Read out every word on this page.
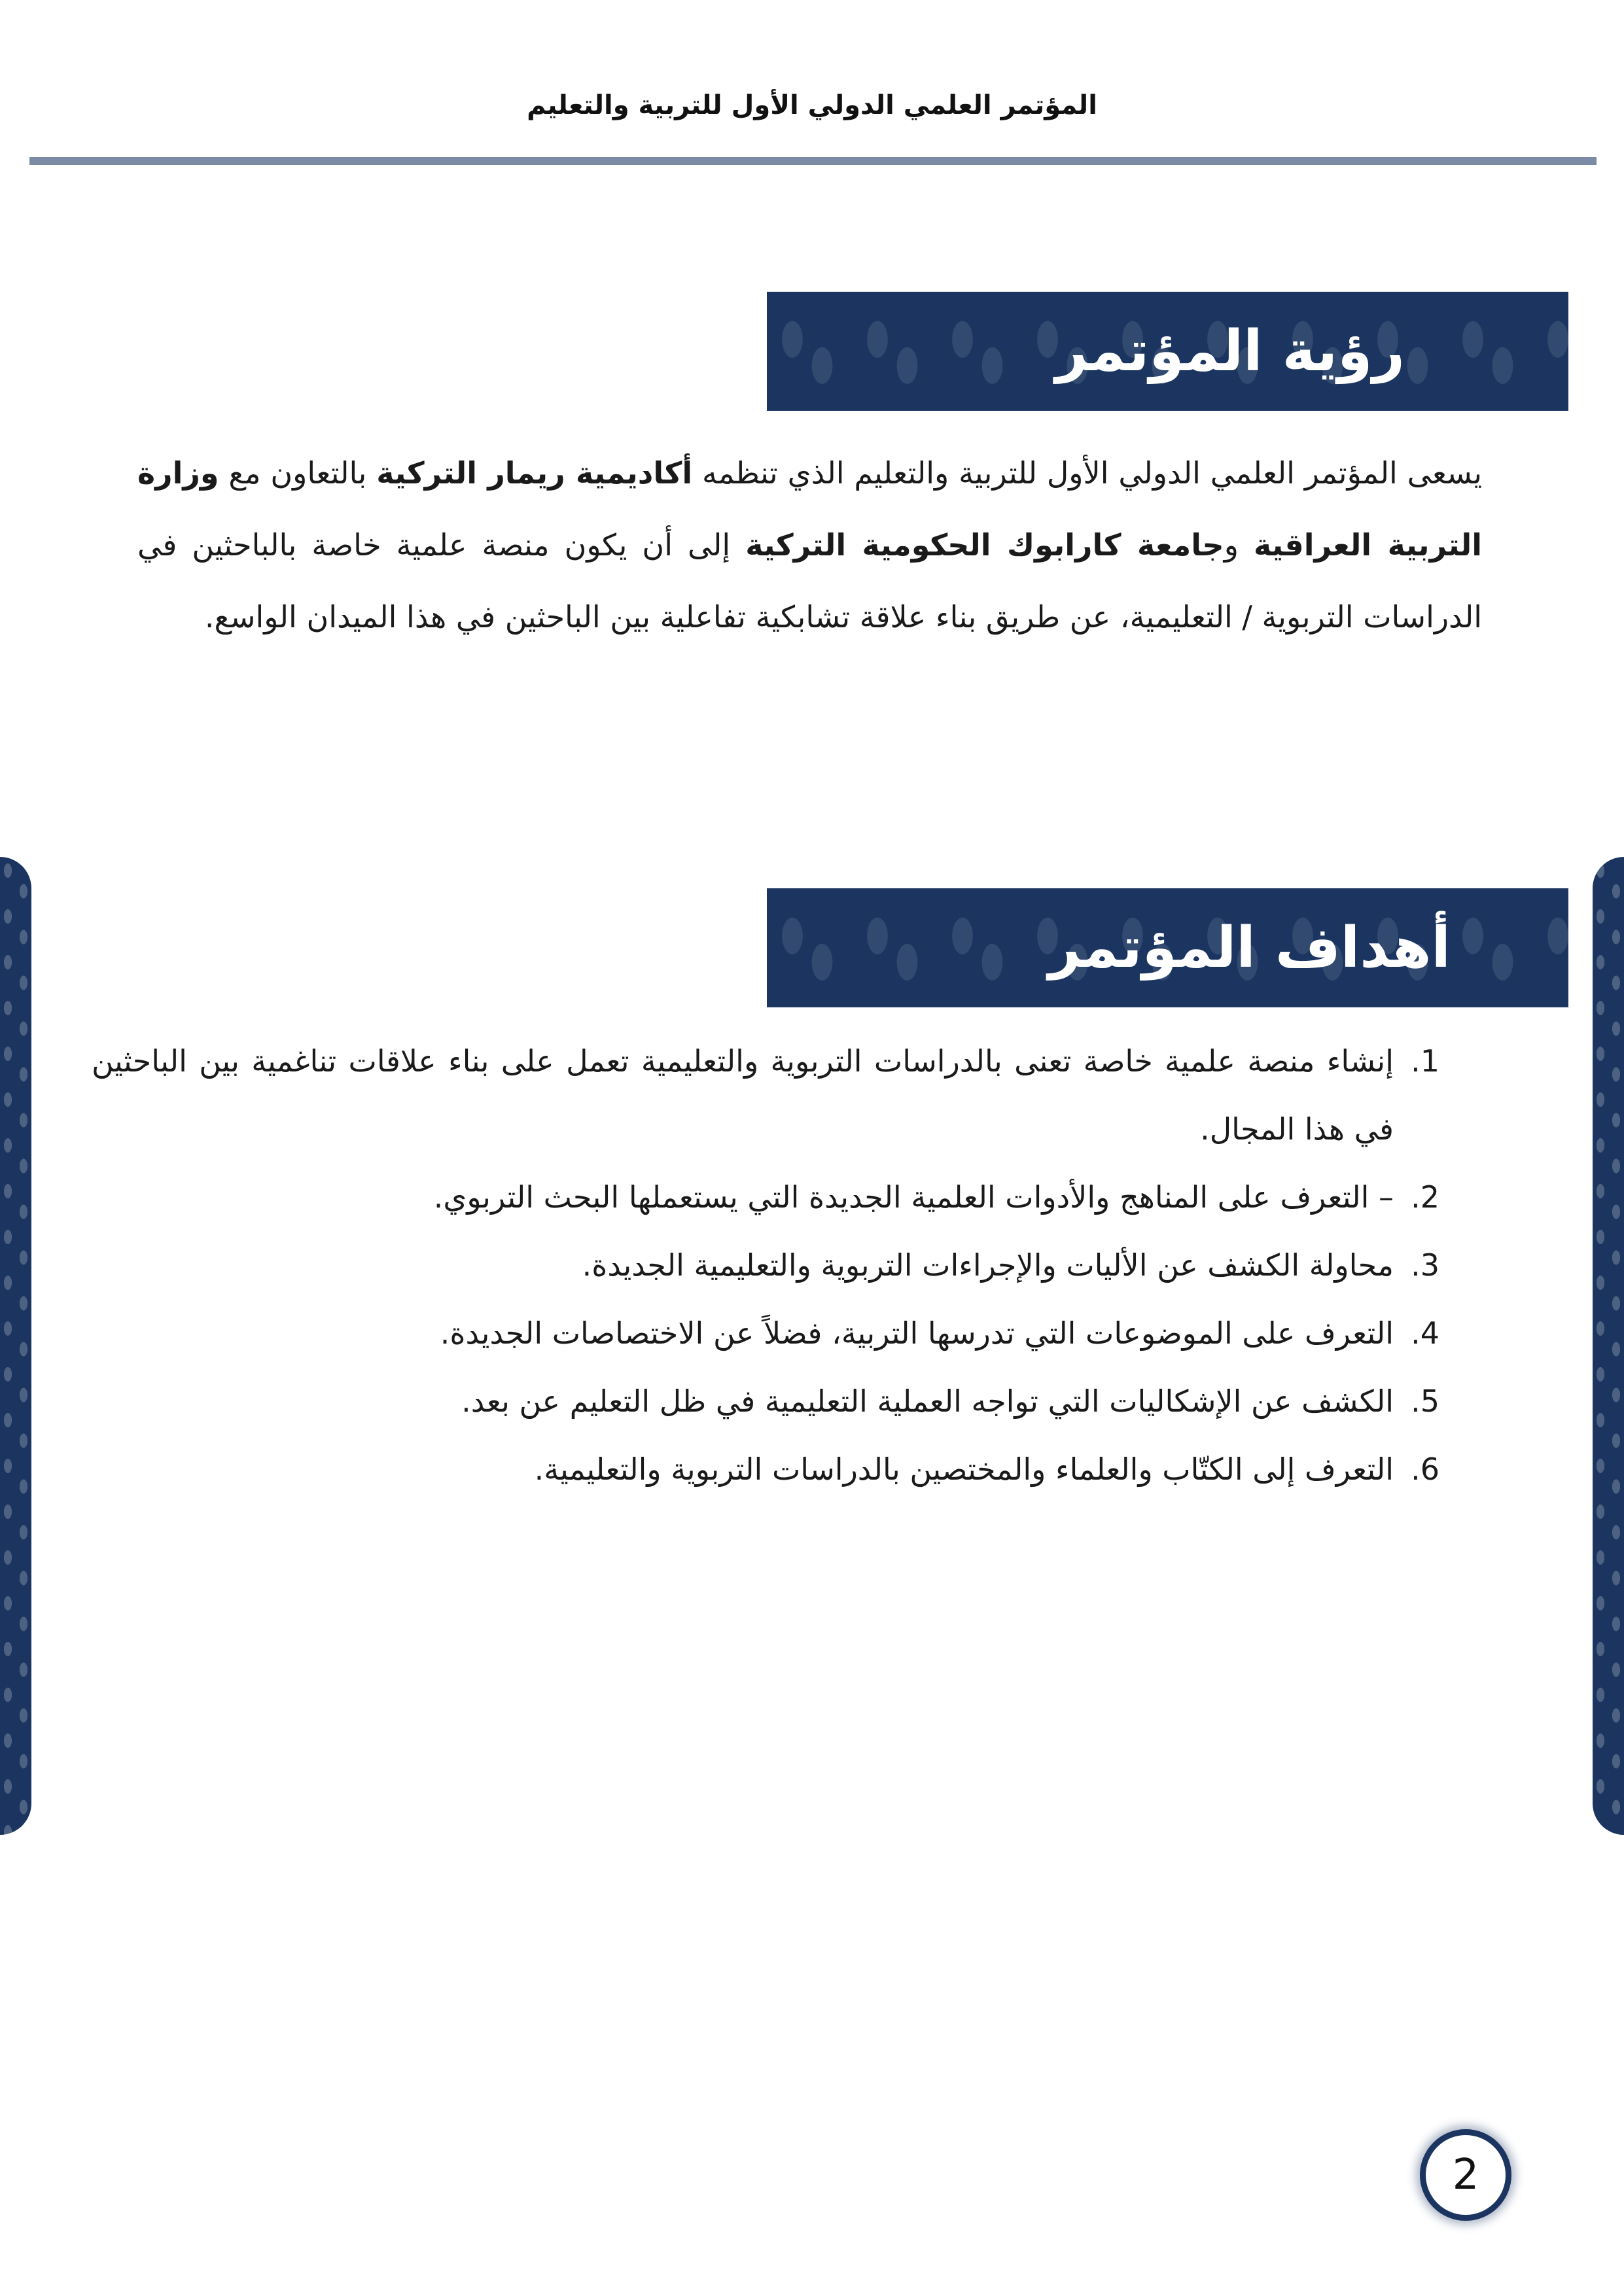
المؤتمر العلمي الدولي الأول للتربية والتعليم
رؤية المؤتمر

يسعى المؤتمر العلمي الدولي الأول للتربية والتعليم الذي تنظمه أكاديمية ريمار التركية بالتعاون مع وزارة التربية العراقية وجامعة كارابوك الحكومية التركية إلى أن يكون منصة علمية خاصة بالباحثين في الدراسات التربوية / التعليمية، عن طريق بناء علاقة تشابكية تفاعلية بين الباحثين في هذا الميدان الواسع.

أهداف المؤتمر
1.
إنشاء منصة علمية خاصة تعنى بالدراسات التربوية والتعليمية تعمل على بناء علاقات تناغمية بين الباحثين في هذا المجال.
2.
– التعرف على المناهج والأدوات العلمية الجديدة التي يستعملها البحث التربوي.
3.
محاولة الكشف عن الأليات والإجراءات التربوية والتعليمية الجديدة.
4.
التعرف على الموضوعات التي تدرسها التربية، فضلاً عن الاختصاصات الجديدة.
5.
الكشف عن الإشكاليات التي تواجه العملية التعليمية في ظل التعليم عن بعد.
6.
التعرف إلى الكتّاب والعلماء والمختصين بالدراسات التربوية والتعليمية.
2
